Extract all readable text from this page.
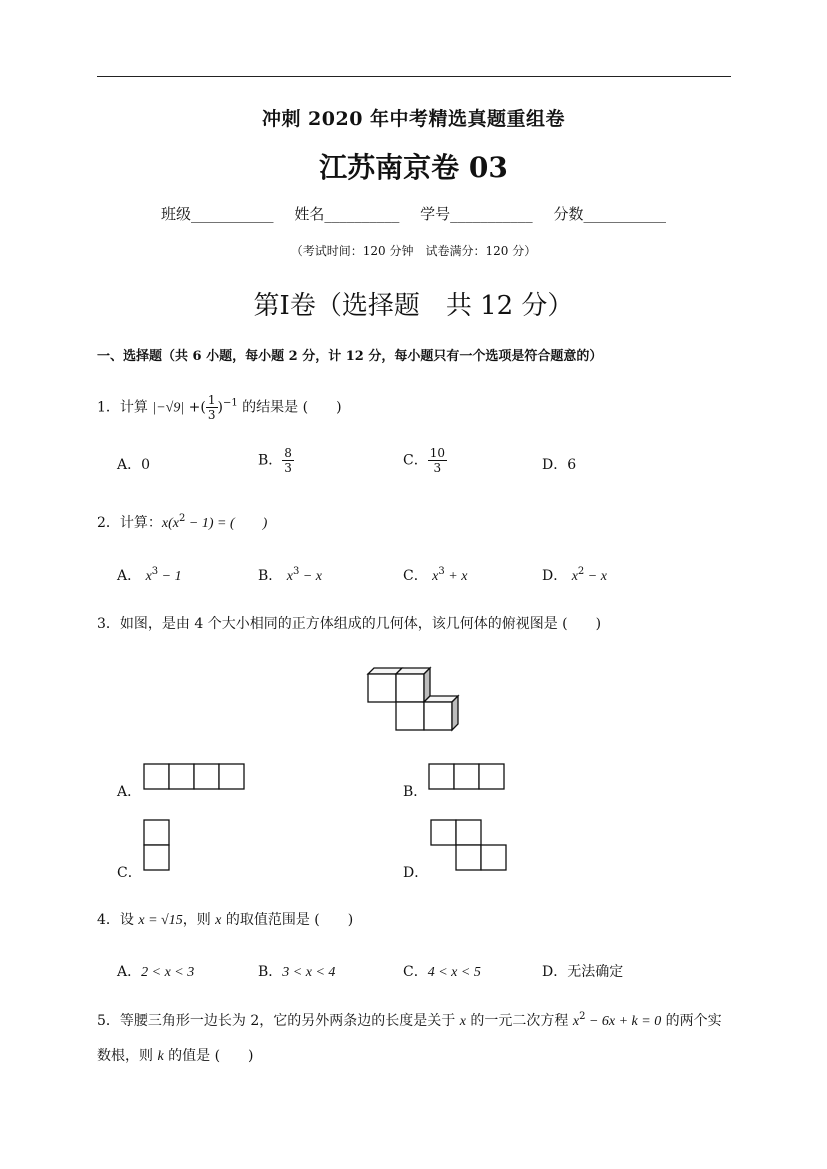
冲刺 2020 年中考精选真题重组卷
江苏南京卷 03
班级___________ 姓名__________ 学号___________ 分数___________
（考试时间：120 分钟　试卷满分：120 分）
第Ⅰ卷（选择题　共 12 分）
一、选择题（共 6 小题，每小题 2 分，计 12 分，每小题只有一个选项是符合题意的）
1．计算 |−√9| +( $\frac{1}{3} )^{-1}$ 的结果是 (　　)
A．0	B． $\frac{8}{3}$	C． $\frac{10}{3}$	D．6
2．计算：$x(x^2 - 1)$ = (　　)
A． $x^3 - 1$	B． $x^3 - x$	C． $x^3 + x$	D． $x^2 - x$
3．如图，是由 4 个大小相同的正方体组成的几何体，该几何体的俯视图是 (　　)
A．	B．
C．	D．
4．设 x = √15，则 x 的取值范围是 (　　)
A．2 < x < 3	B．3 < x < 4	C．4 < x < 5	D．无法确定
5．等腰三角形一边长为 2，它的另外两条边的长度是关于 x 的一元二次方程 $x^2 - 6x + k = 0$ 的两个实
数根，则 k 的值是 (　　)
